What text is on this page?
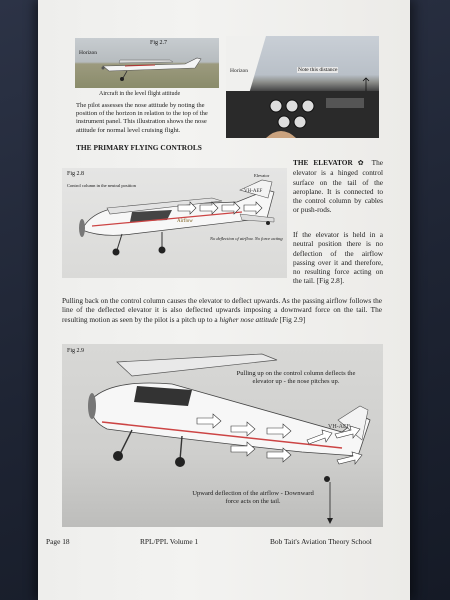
Fig 2.7
Horizon
Aircraft in the level flight attitude
Horizon	Note this distance
The pilot assesses the nose attitude by noting the position of the horizon in relation to the top of the instrument panel. This illustration shows the nose attitude for normal level cruising flight.
THE PRIMARY FLYING CONTROLS
Fig 2.8	Elevator
Control column in the neutral position
VH-AEF
Airflow
No deflection of airflow. No force acting
THE ELEVATOR ✿ The elevator is a hinged control surface on the tail of the aeroplane. It is connected to the control column by cables or push-rods.
If the elevator is held in a neutral position there is no deflection of the airflow passing over it and therefore, no resulting force acting on the tail. [Fig 2.8].
Pulling back on the control column causes the elevator to deflect upwards. As the passing airflow follows the line of the deflected elevator it is also deflected upwards imposing a downward force on the tail. The resulting motion as seen by the pilot is a pitch up to a higher nose attitude [Fig 2.9]
Fig 2.9
VH-AEF
Pulling up on the control column deflects the elevator up - the nose pitches up.
Upward deflection of the airflow - Downward force acts on the tail.
Page 18	RPL/PPL Volume 1	Bob Tait's Aviation Theory School
